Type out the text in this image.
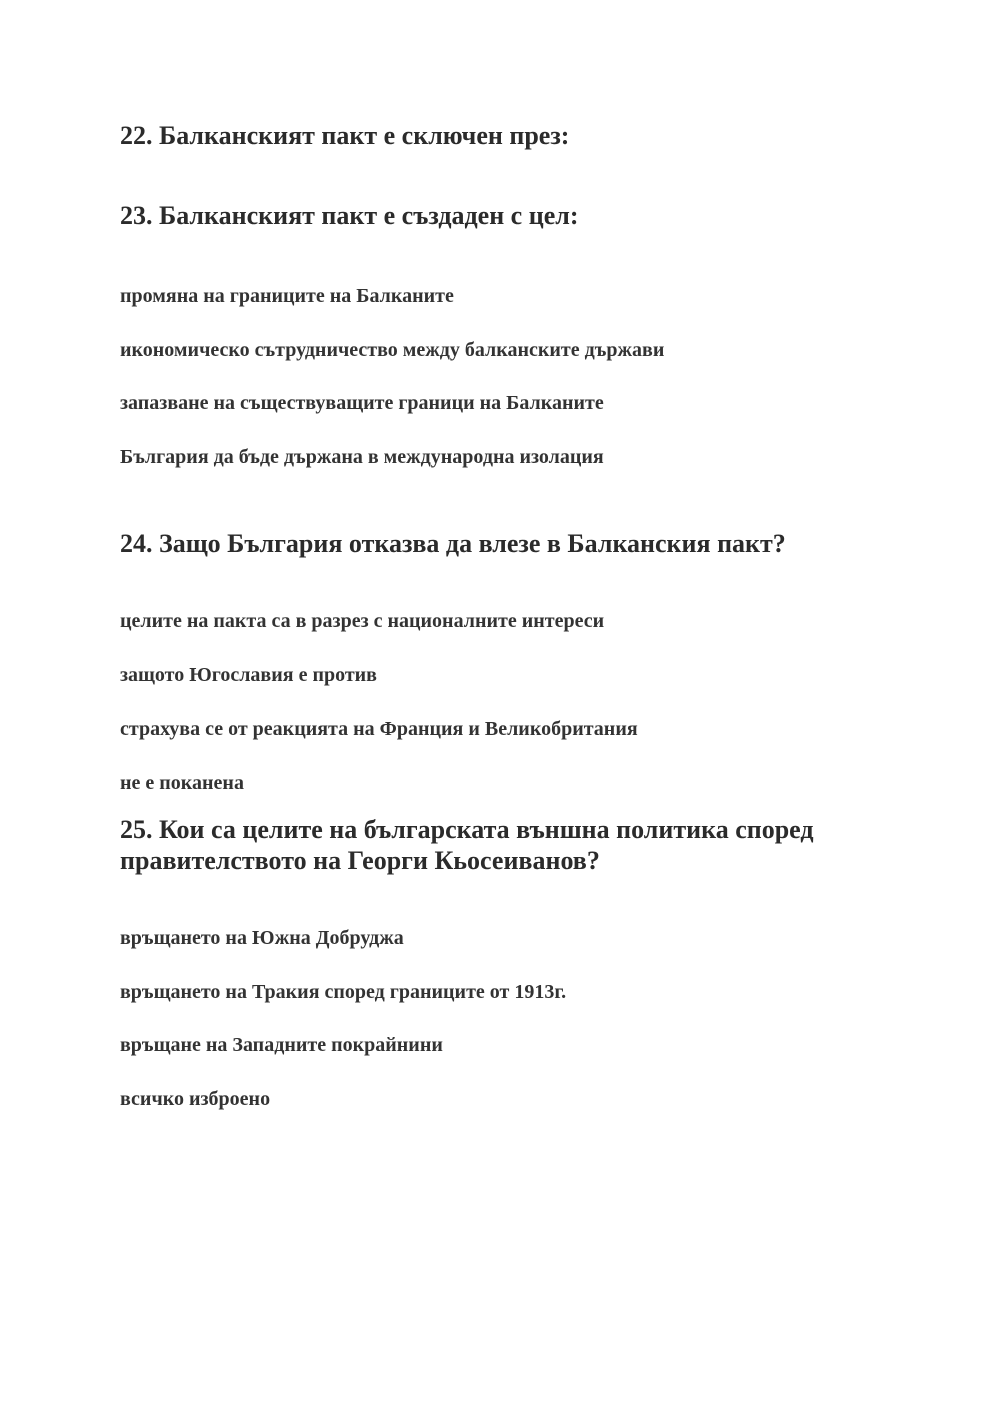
22. Балканският пакт е сключен през:

23. Балканският пакт е създаден с цел:

промяна на границите на Балканите

икономическо сътрудничество между балканските държави

запазване на съществуващите граници на Балканите

България да бъде държана в международна изолация

24. Защо България отказва да влезе в Балканския пакт?

целите на пакта са в разрез с националните интереси

защото Югославия е против

страхува се от реакцията на Франция и Великобритания

не е поканена

25. Кои са целите на българската външна политика според

правителството на Георги Кьосеиванов?

връщането на Южна Добруджа

връщането на Тракия според границите от 1913г.

връщане на Западните покрайнини

всичко изброено
